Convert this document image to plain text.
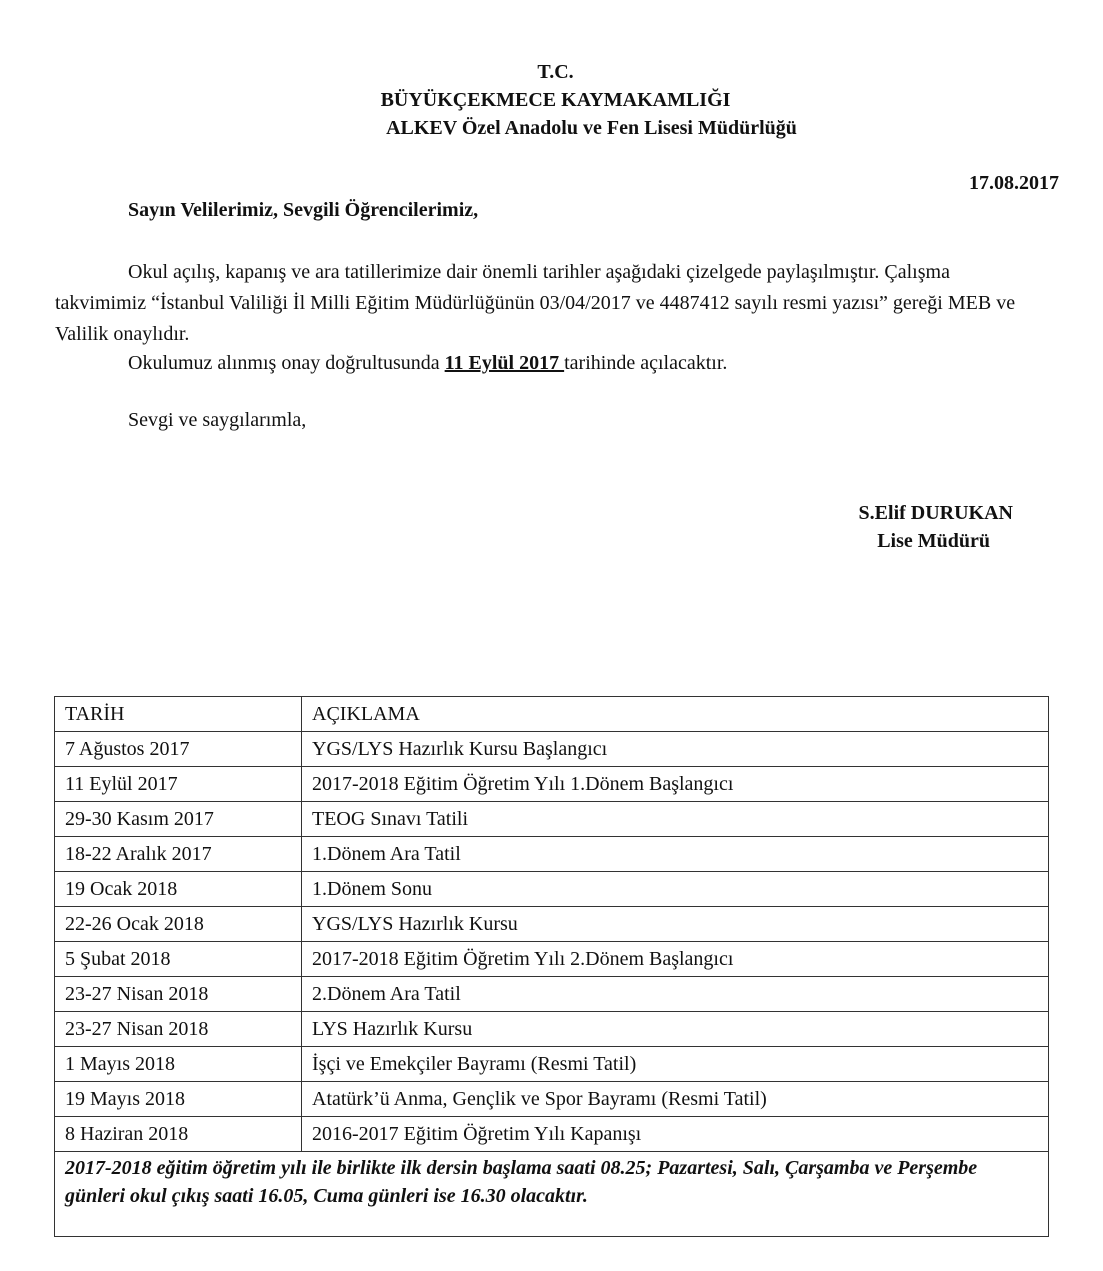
T.C.
BÜYÜKÇEKMECE KAYMAKAMLIĞI
ALKEV Özel Anadolu ve Fen Lisesi Müdürlüğü
17.08.2017
Sayın Velilerimiz, Sevgili Öğrencilerimiz,
Okul açılış, kapanış ve ara tatillerimize dair önemli tarihler aşağıdaki çizelgede paylaşılmıştır. Çalışma takvimimiz “İstanbul Valiliği İl Milli Eğitim Müdürlüğünün 03/04/2017 ve 4487412 sayılı resmi yazısı” gereği MEB ve Valilik onaylıdır.
Okulumuz alınmış onay doğrultusunda 11 Eylül 2017 tarihinde açılacaktır.
Sevgi ve saygılarımla,
S.Elif DURUKAN
Lise Müdürü
TARİH	AÇIKLAMA
7 Ağustos 2017	YGS/LYS Hazırlık Kursu Başlangıcı
11 Eylül 2017	2017-2018 Eğitim Öğretim Yılı 1.Dönem Başlangıcı
29-30 Kasım 2017	TEOG Sınavı Tatili
18-22 Aralık 2017	1.Dönem Ara Tatil
19 Ocak 2018	1.Dönem Sonu
22-26 Ocak 2018	YGS/LYS Hazırlık Kursu
5 Şubat 2018	2017-2018 Eğitim Öğretim Yılı 2.Dönem Başlangıcı
23-27 Nisan 2018	2.Dönem Ara Tatil
23-27 Nisan 2018	LYS Hazırlık Kursu
1 Mayıs 2018	İşçi ve Emekçiler Bayramı (Resmi Tatil)
19 Mayıs 2018	Atatürk’ü Anma, Gençlik ve Spor Bayramı (Resmi Tatil)
8 Haziran 2018	2016-2017 Eğitim Öğretim Yılı Kapanışı
2017-2018 eğitim öğretim yılı ile birlikte ilk dersin başlama saati 08.25; Pazartesi, Salı, Çarşamba ve Perşembe günleri okul çıkış saati 16.05, Cuma günleri ise 16.30 olacaktır.	
